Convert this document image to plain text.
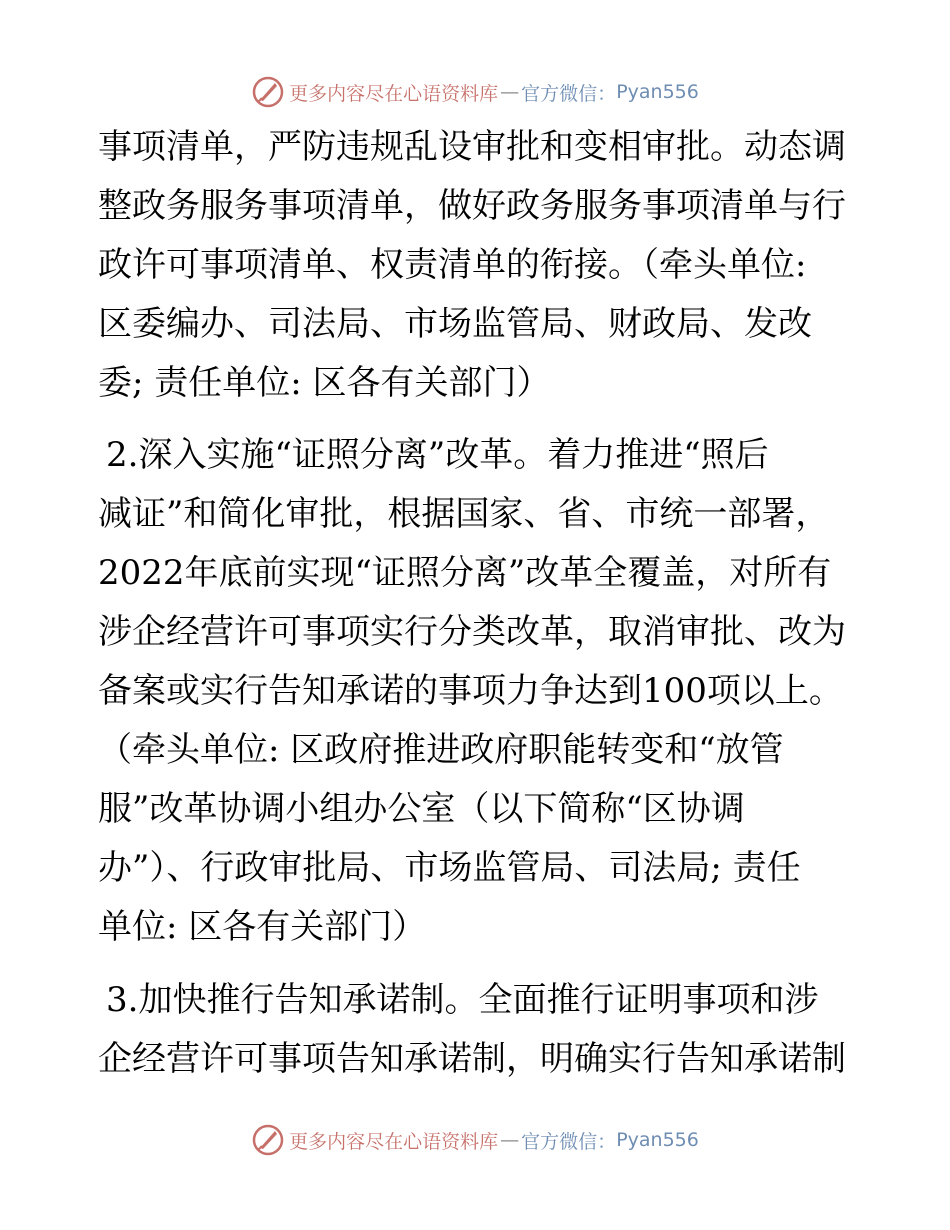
更多内容尽在心语资料库 — 官方微信： Pyan556
事项清单，严防违规乱设审批和变相审批。动态调
整政务服务事项清单，做好政务服务事项清单与行
政许可事项清单、权责清单的衔接。（牵头单位:
区委编办、司法局、市场监管局、财政局、发改
委; 责任单位: 区各有关部门）
2.深入实施“证照分离”改革。着力推进“照后
减证”和简化审批，根据国家、省、市统一部署，
2022年底前实现“证照分离”改革全覆盖，对所有
涉企经营许可事项实行分类改革，取消审批、改为
备案或实行告知承诺的事项力争达到100项以上。
（牵头单位: 区政府推进政府职能转变和“放管
服”改革协调小组办公室（以下简称“区协调
办”）、行政审批局、市场监管局、司法局; 责任
单位: 区各有关部门）
3.加快推行告知承诺制。全面推行证明事项和涉
企经营许可事项告知承诺制，明确实行告知承诺制
更多内容尽在心语资料库 — 官方微信： Pyan556
